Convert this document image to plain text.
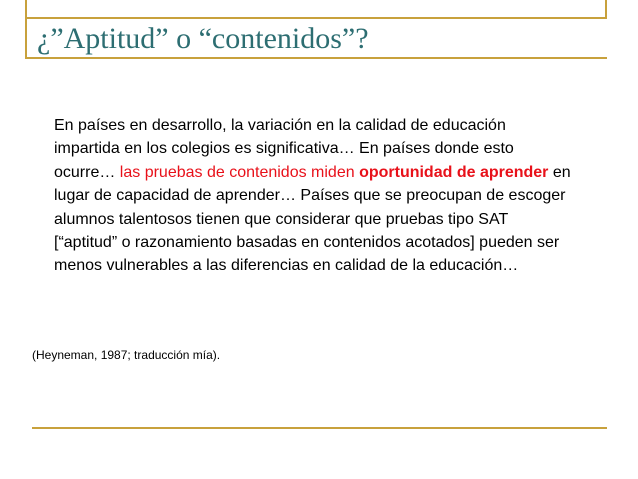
¿”Aptitud” o “contenidos”?

En países en desarrollo, la variación en la calidad de educación impartida en los colegios es significativa… En países donde esto ocurre… las pruebas de contenidos miden oportunidad de aprender en lugar de capacidad de aprender… Países que se preocupan de escoger alumnos talentosos tienen que considerar que pruebas tipo SAT [“aptitud” o razonamiento basadas en contenidos acotados] pueden ser menos vulnerables a las diferencias en calidad de la educación…

(Heyneman, 1987; traducción mía).
